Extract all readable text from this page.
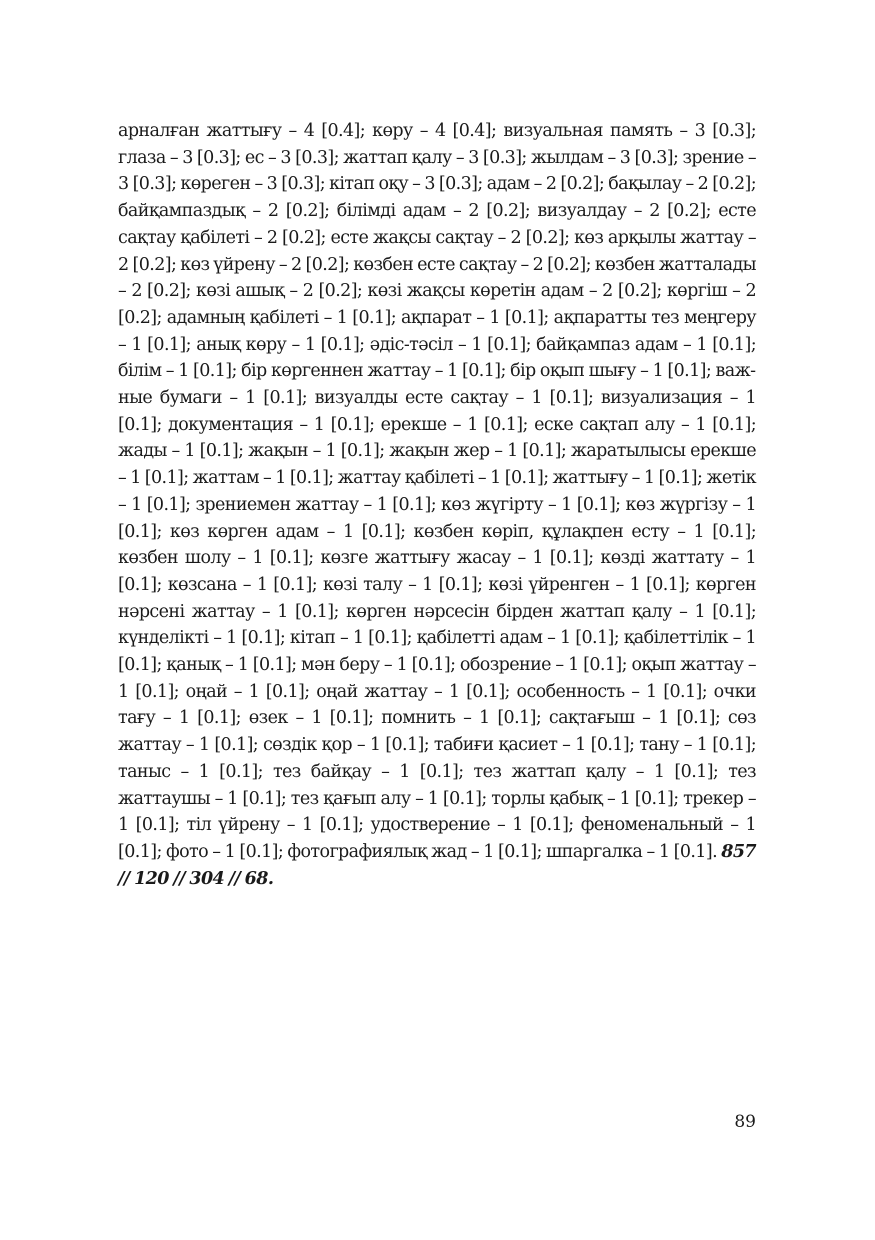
арналған жаттығу – 4 [0.4]; көру – 4 [0.4]; визуальная память – 3 [0.3]; глаза – 3 [0.3]; ес – 3 [0.3]; жаттап қалу – 3 [0.3]; жылдам – 3 [0.3]; зрение – 3 [0.3]; көреген – 3 [0.3]; кітап оқу – 3 [0.3]; адам – 2 [0.2]; бақылау – 2 [0.2]; байқампаздық – 2 [0.2]; білімді адам – 2 [0.2]; визуалдау – 2 [0.2]; есте сақтау қабілеті – 2 [0.2]; есте жақсы сақтау – 2 [0.2]; көз арқылы жаттау – 2 [0.2]; көз үйрену – 2 [0.2]; көзбен есте сақтау – 2 [0.2]; көзбен жатталады – 2 [0.2]; көзі ашық – 2 [0.2]; көзі жақсы көретін адам – 2 [0.2]; көргіш – 2 [0.2]; адамның қабілеті – 1 [0.1]; ақпарат – 1 [0.1]; ақпаратты тез меңгеру – 1 [0.1]; анық көру – 1 [0.1]; әдіс-тәсіл – 1 [0.1]; байқампаз адам – 1 [0.1]; білім – 1 [0.1]; бір көргеннен жаттау – 1 [0.1]; бір оқып шығу – 1 [0.1]; важные бумаги – 1 [0.1]; визуалды есте сақтау – 1 [0.1]; визуализация – 1 [0.1]; документация – 1 [0.1]; ерекше – 1 [0.1]; еске сақтап алу – 1 [0.1]; жады – 1 [0.1]; жақын – 1 [0.1]; жақын жер – 1 [0.1]; жаратылысы ерекше – 1 [0.1]; жаттам – 1 [0.1]; жаттау қабілеті – 1 [0.1]; жаттығу – 1 [0.1]; жетік – 1 [0.1]; зрениемен жаттау – 1 [0.1]; көз жүгірту – 1 [0.1]; көз жүргізу – 1 [0.1]; көз көрген адам – 1 [0.1]; көзбен көріп, құлақпен есту – 1 [0.1]; көзбен шолу – 1 [0.1]; көзге жаттығу жасау – 1 [0.1]; көзді жаттату – 1 [0.1]; көзсана – 1 [0.1]; көзі талу – 1 [0.1]; көзі үйренген – 1 [0.1]; көрген нәрсені жаттау – 1 [0.1]; көрген нәрсесін бірден жаттап қалу – 1 [0.1]; күнделікті – 1 [0.1]; кітап – 1 [0.1]; қабілетті адам – 1 [0.1]; қабілеттілік – 1 [0.1]; қанық – 1 [0.1]; мән беру – 1 [0.1]; обозрение – 1 [0.1]; оқып жаттау – 1 [0.1]; оңай – 1 [0.1]; оңай жаттау – 1 [0.1]; особенность – 1 [0.1]; очки тағу – 1 [0.1]; өзек – 1 [0.1]; помнить – 1 [0.1]; сақтағыш – 1 [0.1]; сөз жаттау – 1 [0.1]; сөздік қор – 1 [0.1]; табиғи қасиет – 1 [0.1]; тану – 1 [0.1]; таныс – 1 [0.1]; тез байқау – 1 [0.1]; тез жаттап қалу – 1 [0.1]; тез жаттаушы – 1 [0.1]; тез қағып алу – 1 [0.1]; торлы қабық – 1 [0.1]; трекер – 1 [0.1]; тіл үйрену – 1 [0.1]; удостверение – 1 [0.1]; феноменальный – 1 [0.1]; фото – 1 [0.1]; фотографиялық жад – 1 [0.1]; шпаргалка – 1 [0.1]. 857 // 120 // 304 // 68.

89
